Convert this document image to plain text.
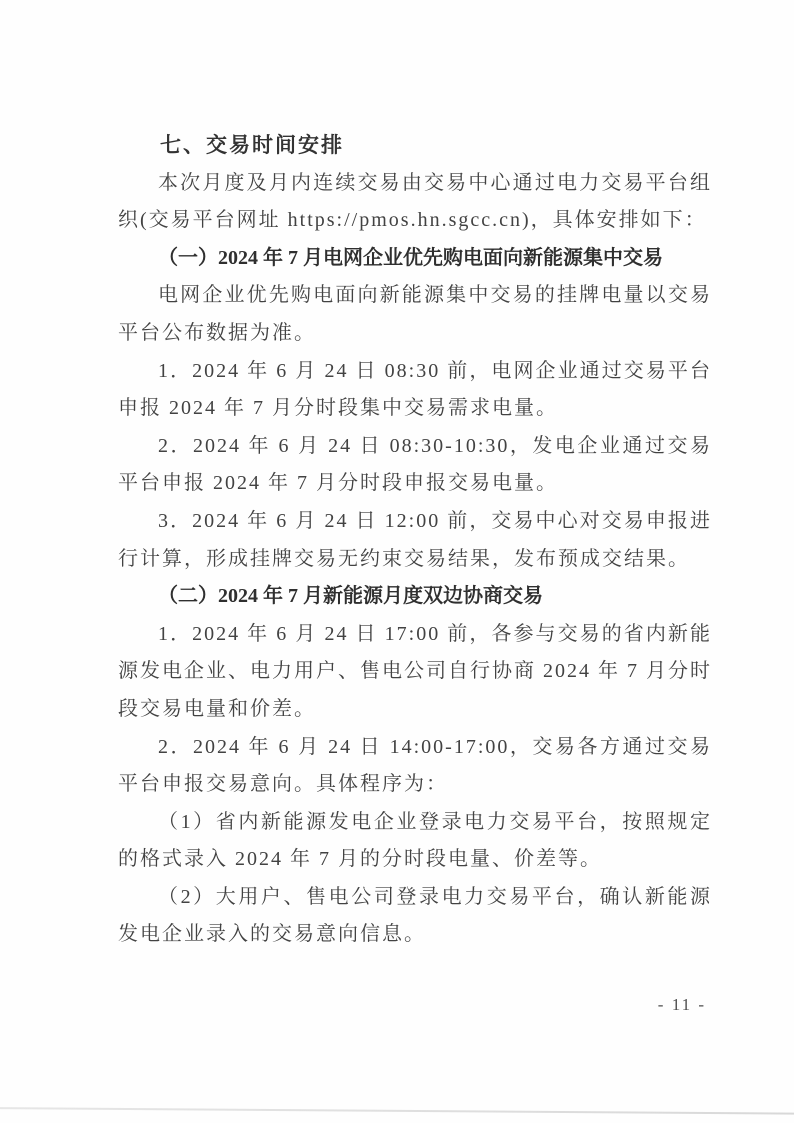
七、交易时间安排

本次月度及月内连续交易由交易中心通过电力交易平台组织(交易平台网址 https://pmos.hn.sgcc.cn)，具体安排如下：

（一）2024 年 7 月电网企业优先购电面向新能源集中交易

电网企业优先购电面向新能源集中交易的挂牌电量以交易平台公布数据为准。

1．2024 年 6 月 24 日 08:30 前，电网企业通过交易平台申报 2024 年 7 月分时段集中交易需求电量。

2．2024 年 6 月 24 日 08:30-10:30，发电企业通过交易平台申报 2024 年 7 月分时段申报交易电量。

3．2024 年 6 月 24 日 12:00 前，交易中心对交易申报进行计算，形成挂牌交易无约束交易结果，发布预成交结果。

（二）2024 年 7 月新能源月度双边协商交易

1．2024 年 6 月 24 日 17:00 前，各参与交易的省内新能源发电企业、电力用户、售电公司自行协商 2024 年 7 月分时段交易电量和价差。

2．2024 年 6 月 24 日 14:00-17:00，交易各方通过交易平台申报交易意向。具体程序为：

（1）省内新能源发电企业登录电力交易平台，按照规定的格式录入 2024 年 7 月的分时段电量、价差等。

（2）大用户、售电公司登录电力交易平台，确认新能源发电企业录入的交易意向信息。

- 11 -
